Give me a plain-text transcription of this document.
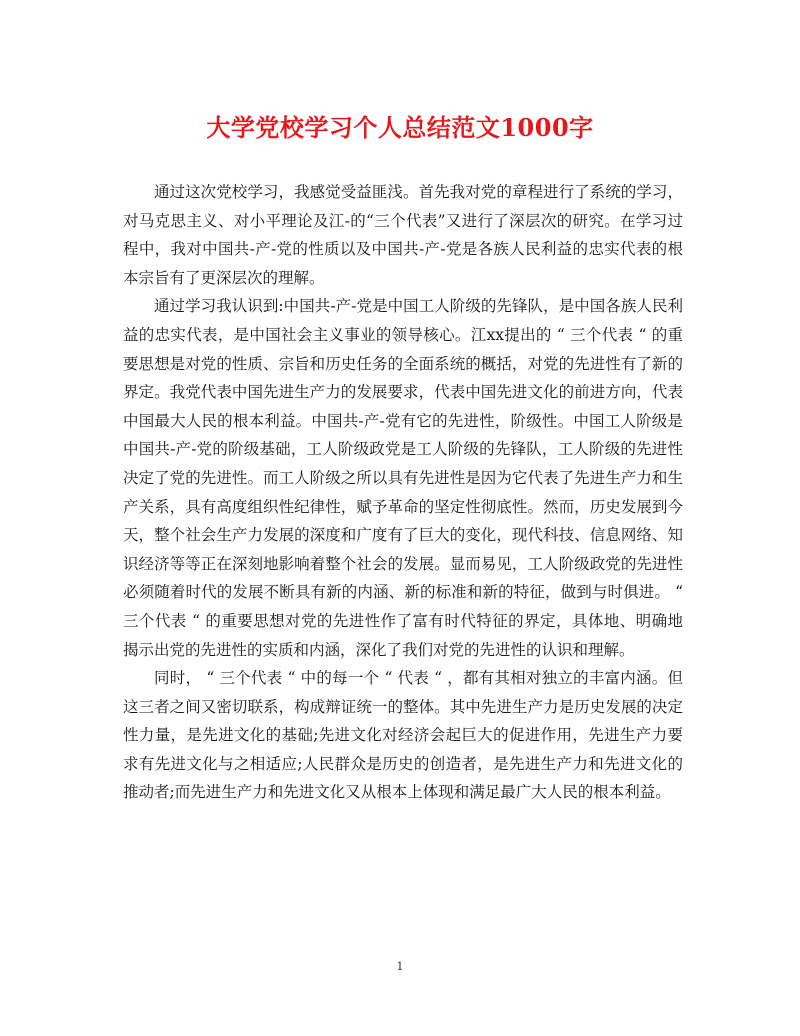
大学党校学习个人总结范文1000字

通过这次党校学习，我感觉受益匪浅。首先我对党的章程进行了系统的学习，对马克思主义、对小平理论及江-的“三个代表”又进行了深层次的研究。在学习过程中，我对中国共-产-党的性质以及中国共-产-党是各族人民利益的忠实代表的根本宗旨有了更深层次的理解。

通过学习我认识到:中国共-产-党是中国工人阶级的先锋队，是中国各族人民利益的忠实代表，是中国社会主义事业的领导核心。江xx提出的 “ 三个代表 “ 的重要思想是对党的性质、宗旨和历史任务的全面系统的概括，对党的先进性有了新的界定。我党代表中国先进生产力的发展要求，代表中国先进文化的前进方向，代表中国最大人民的根本利益。中国共-产-党有它的先进性，阶级性。中国工人阶级是中国共-产-党的阶级基础，工人阶级政党是工人阶级的先锋队，工人阶级的先进性决定了党的先进性。而工人阶级之所以具有先进性是因为它代表了先进生产力和生产关系，具有高度组织性纪律性，赋予革命的坚定性彻底性。然而，历史发展到今天，整个社会生产力发展的深度和广度有了巨大的变化，现代科技、信息网络、知识经济等等正在深刻地影响着整个社会的发展。显而易见，工人阶级政党的先进性必须随着时代的发展不断具有新的内涵、新的标准和新的特征，做到与时俱进。 “ 三个代表 “ 的重要思想对党的先进性作了富有时代特征的界定，具体地、明确地揭示出党的先进性的实质和内涵，深化了我们对党的先进性的认识和理解。

同时， “ 三个代表 “ 中的每一个 “ 代表 “ ，都有其相对独立的丰富内涵。但这三者之间又密切联系，构成辩证统一的整体。其中先进生产力是历史发展的决定性力量，是先进文化的基础;先进文化对经济会起巨大的促进作用，先进生产力要求有先进文化与之相适应;人民群众是历史的创造者，是先进生产力和先进文化的推动者;而先进生产力和先进文化又从根本上体现和满足最广大人民的根本利益。

1
